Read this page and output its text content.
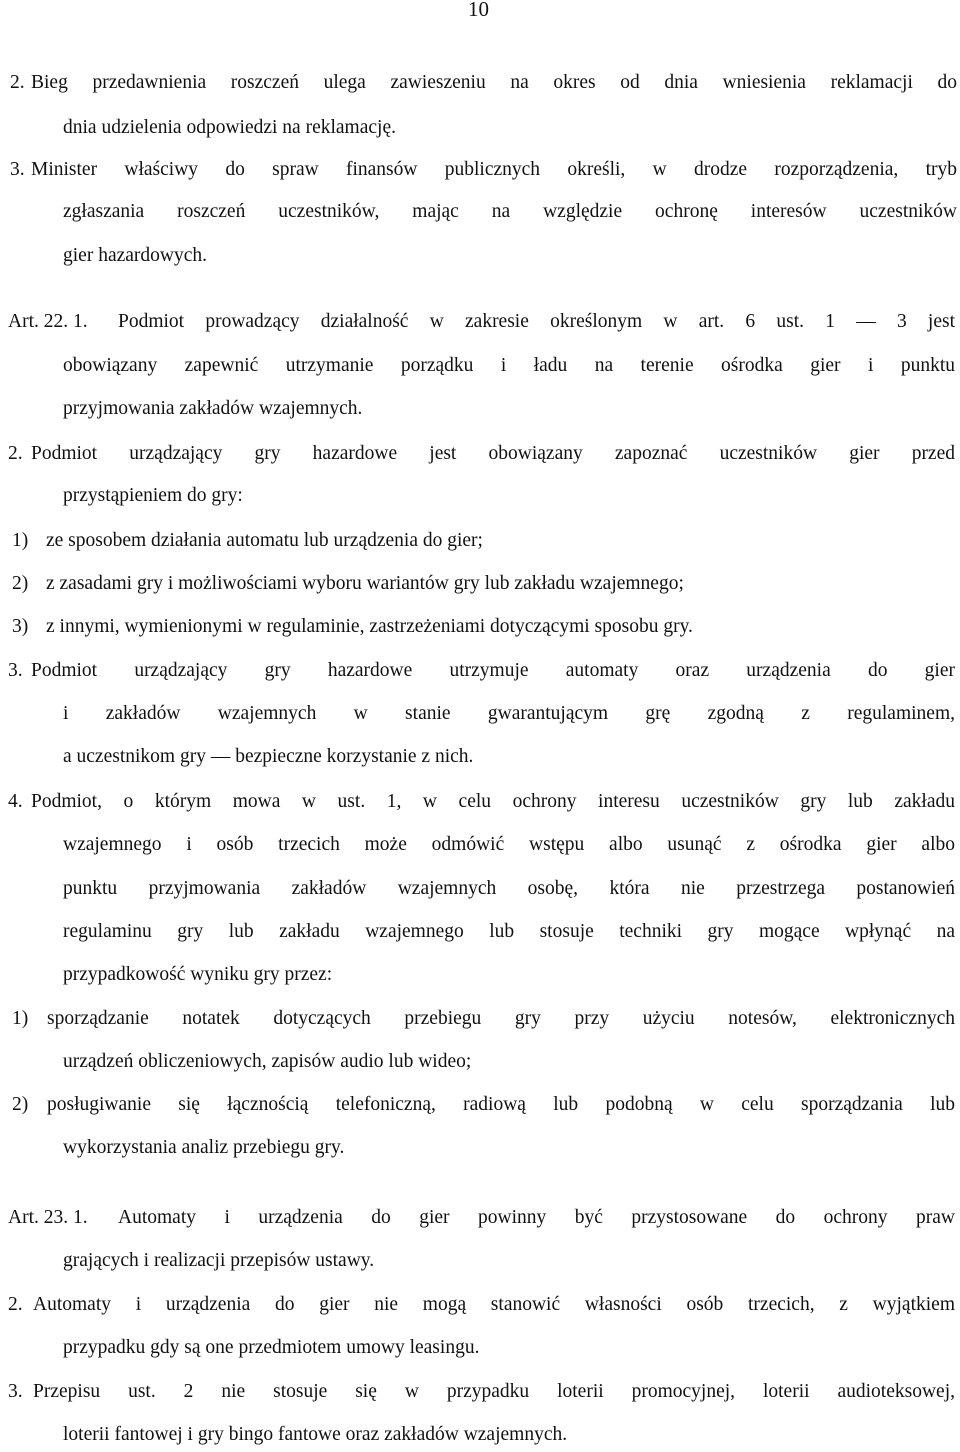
10
2. Bieg przedawnienia roszczeń ulega zawieszeniu na okres od dnia wniesienia reklamacji do
dnia udzielenia odpowiedzi na reklamację.
3. Minister właściwy do spraw finansów publicznych określi, w drodze rozporządzenia, tryb
zgłaszania roszczeń uczestników, mając na względzie ochronę interesów uczestników
gier hazardowych.
Art. 22. 1. Podmiot prowadzący działalność w zakresie określonym w art. 6 ust. 1 — 3 jest
obowiązany zapewnić utrzymanie porządku i ładu na terenie ośrodka gier i punktu
przyjmowania zakładów wzajemnych.
2. Podmiot urządzający gry hazardowe jest obowiązany zapoznać uczestników gier przed
przystąpieniem do gry:
1) ze sposobem działania automatu lub urządzenia do gier;
2) z zasadami gry i możliwościami wyboru wariantów gry lub zakładu wzajemnego;
3) z innymi, wymienionymi w regulaminie, zastrzeżeniami dotyczącymi sposobu gry.
3. Podmiot urządzający gry hazardowe utrzymuje automaty oraz urządzenia do gier
i zakładów wzajemnych w stanie gwarantującym grę zgodną z regulaminem,
a uczestnikom gry — bezpieczne korzystanie z nich.
4. Podmiot, o którym mowa w ust. 1, w celu ochrony interesu uczestników gry lub zakładu
wzajemnego i osób trzecich może odmówić wstępu albo usunąć z ośrodka gier albo
punktu przyjmowania zakładów wzajemnych osobę, która nie przestrzega postanowień
regulaminu gry lub zakładu wzajemnego lub stosuje techniki gry mogące wpłynąć na
przypadkowość wyniku gry przez:
1) sporządzanie notatek dotyczących przebiegu gry przy użyciu notesów, elektronicznych
urządzeń obliczeniowych, zapisów audio lub wideo;
2) posługiwanie się łącznością telefoniczną, radiową lub podobną w celu sporządzania lub
wykorzystania analiz przebiegu gry.
Art. 23. 1. Automaty i urządzenia do gier powinny być przystosowane do ochrony praw
grających i realizacji przepisów ustawy.
2. Automaty i urządzenia do gier nie mogą stanowić własności osób trzecich, z wyjątkiem
przypadku gdy są one przedmiotem umowy leasingu.
3. Przepisu ust. 2 nie stosuje się w przypadku loterii promocyjnej, loterii audioteksowej,
loterii fantowej i gry bingo fantowe oraz zakładów wzajemnych.
